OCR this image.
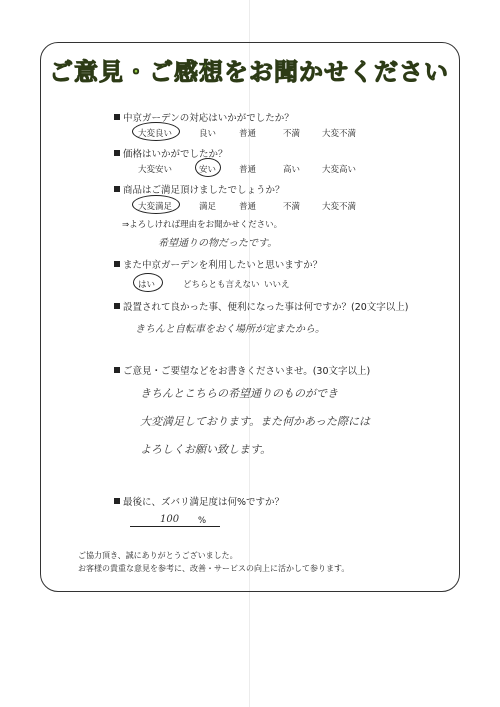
ご意見・ご感想をお聞かせください
中京ガーデンの対応はいかがでしたか？
大変良い	良い	普通	不満	大変不満
価格はいかがでしたか？
大変安い	安い	普通	高い	大変高い
商品はご満足頂けましたでしょうか？
大変満足	満足	普通	不満	大変不満
⇒よろしければ理由をお聞かせください。
希望通りの物だったです。
また中京ガーデンを利用したいと思いますか？
はい	どちらとも言えない いいえ
設置されて良かった事、便利になった事は何ですか？(20文字以上)
きちんと自転車をおく場所が定またから。
ご意見・ご要望などをお書きくださいませ。(30文字以上)
きちんとこちらの希望通りのものができ
大変満足しております。また何かあった際には
よろしくお願い致します。
最後に、ズバリ満足度は何%ですか？
100 %
ご協力頂き、誠にありがとうございました。
お客様の貴重な意見を参考に、改善・サービスの向上に活かして参ります。
